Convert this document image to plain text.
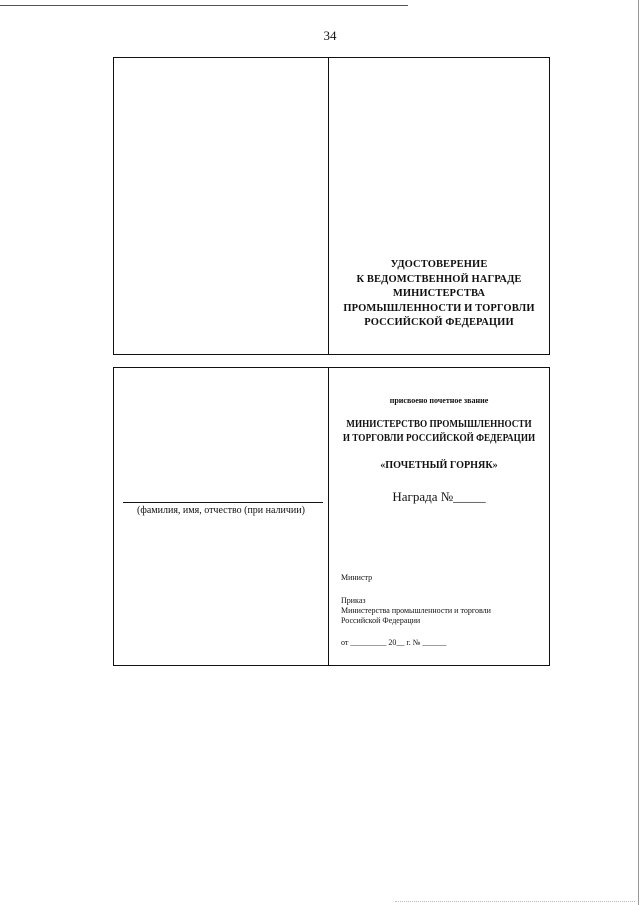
34
УДОСТОВЕРЕНИЕ
К ВЕДОМСТВЕННОЙ НАГРАДЕ
МИНИСТЕРСТВА
ПРОМЫШЛЕННОСТИ И ТОРГОВЛИ
РОССИЙСКОЙ ФЕДЕРАЦИИ
(фамилия, имя, отчество (при наличии)
присвоено почетное звание
МИНИСТЕРСТВО ПРОМЫШЛЕННОСТИ
И ТОРГОВЛИ РОССИЙСКОЙ ФЕДЕРАЦИИ
«ПОЧЕТНЫЙ ГОРНЯК»
Награда №_____
Министр
Приказ
Министерства промышленности и торговли
Российской Федерации
от _________ 20__ г. № ______
